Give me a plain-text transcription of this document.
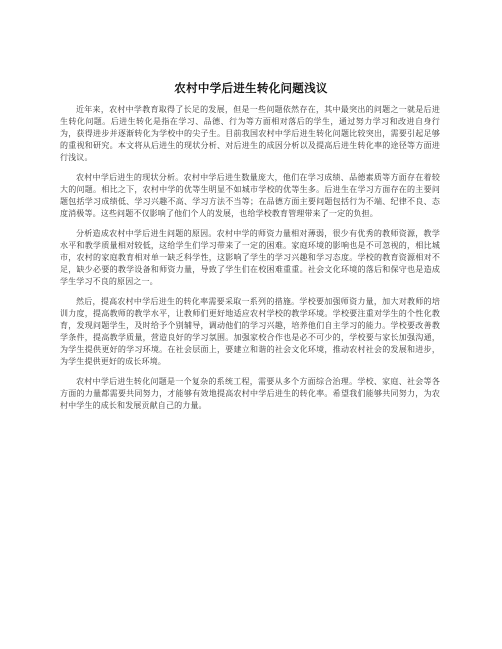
农村中学后进生转化问题浅议

近年来，农村中学教育取得了长足的发展，但是一些问题依然存在，其中最突出的问题之一就是后进生转化问题。后进生转化是指在学习、品德、行为等方面相对落后的学生，通过努力学习和改进自身行为，获得进步并逐渐转化为学校中的尖子生。目前我国农村中学后进生转化问题比较突出，需要引起足够的重视和研究。本文将从后进生的现状分析、对后进生的成因分析以及提高后进生转化率的途径等方面进行浅议。

农村中学后进生的现状分析。农村中学后进生数量庞大，他们在学习成绩、品德素质等方面存在着较大的问题。相比之下，农村中学的优等生明显不如城市学校的优等生多。后进生在学习方面存在的主要问题包括学习成绩低、学习兴趣不高、学习方法不当等；在品德方面主要问题包括行为不端、纪律不良、态度消极等。这些问题不仅影响了他们个人的发展，也给学校教育管理带来了一定的负担。

分析造成农村中学后进生问题的原因。农村中学的师资力量相对薄弱，很少有优秀的教师资源，教学水平和教学质量相对较低，这给学生们学习带来了一定的困难。家庭环境的影响也是不可忽视的，相比城市，农村的家庭教育相对单一缺乏科学性，这影响了学生的学习兴趣和学习态度。学校的教育资源相对不足，缺少必要的教学设备和师资力量，导致了学生们在校困难重重。社会文化环境的落后和保守也是造成学生学习不良的原因之一。

然后，提高农村中学后进生的转化率需要采取一系列的措施。学校要加强师资力量，加大对教师的培训力度，提高教师的教学水平，让教师们更好地适应农村学校的教学环境。学校要注重对学生的个性化教育，发现问题学生，及时给予个别辅导，调动他们的学习兴趣，培养他们自主学习的能力。学校要改善教学条件，提高教学质量，营造良好的学习氛围。加强家校合作也是必不可少的，学校要与家长加强沟通，为学生提供更好的学习环境。在社会层面上，要建立和谐的社会文化环境，推动农村社会的发展和进步，为学生提供更好的成长环境。

农村中学后进生转化问题是一个复杂的系统工程，需要从多个方面综合治理。学校、家庭、社会等各方面的力量都需要共同努力，才能够有效地提高农村中学后进生的转化率。希望我们能够共同努力，为农村中学生的成长和发展贡献自己的力量。
